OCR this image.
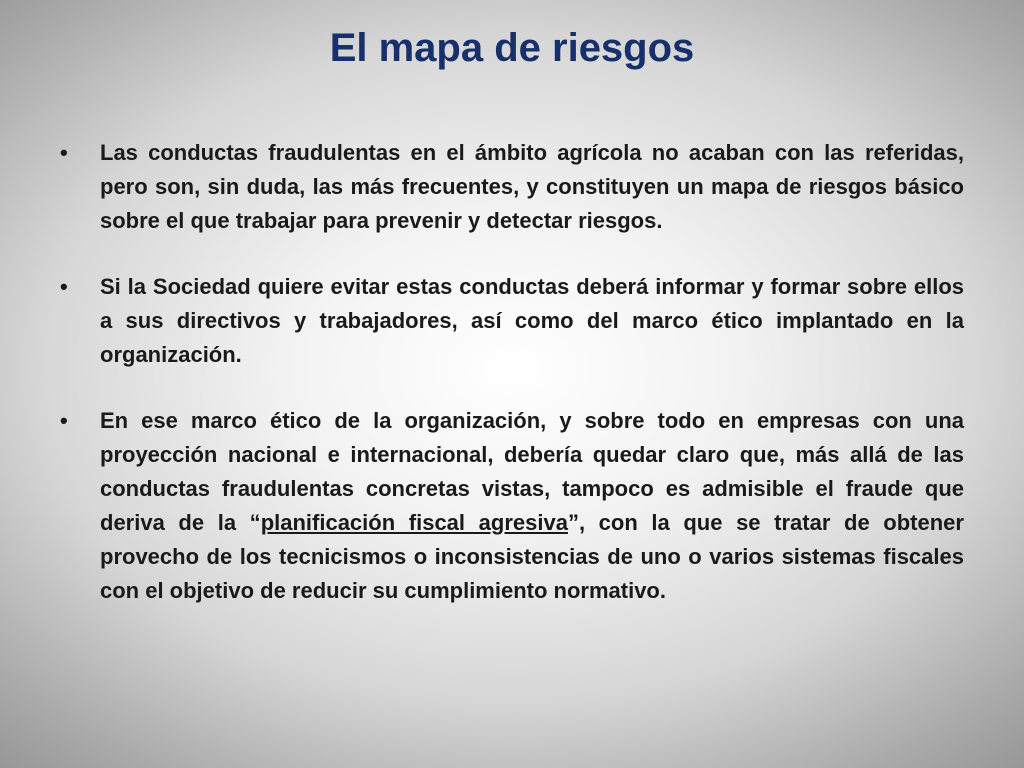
El mapa de riesgos
• Las conductas fraudulentas en el ámbito agrícola no acaban con las referidas, pero son, sin duda, las más frecuentes, y constituyen un mapa de riesgos básico sobre el que trabajar para prevenir y detectar riesgos.
• Si la Sociedad quiere evitar estas conductas deberá informar y formar sobre ellos a sus directivos y trabajadores, así como del marco ético implantado en la organización.
• En ese marco ético de la organización, y sobre todo en empresas con una proyección nacional e internacional, debería quedar claro que, más allá de las conductas fraudulentas concretas vistas, tampoco es admisible el fraude que deriva de la “planificación fiscal agresiva”, con la que se tratar de obtener provecho de los tecnicismos o inconsistencias de uno o varios sistemas fiscales con el objetivo de reducir su cumplimiento normativo.
